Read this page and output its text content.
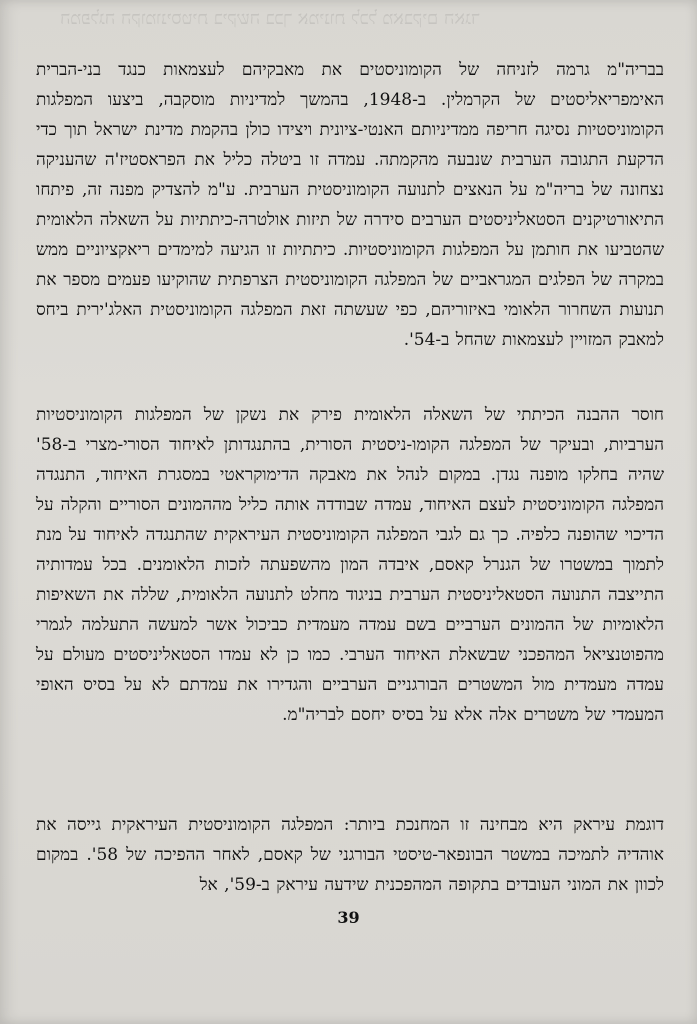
המפלגה הקומוניסטית ביקשה בכך אמינות לכל מאבקים האגד

בבריה"מ גרמה לזניחה של הקומוניסטים את מאבקיהם לעצמאות כנגד בני-הברית האימפריאליסטים של הקרמלין. ב-1948, בהמשך למדיניות מוסקבה, ביצעו המפלגות הקומוניסטיות נסיגה חריפה ממדיניותם האנטי-ציונית ויצידו כולן בהקמת מדינת ישראל תוך כדי הדקעת התגובה הערבית שנבעה מהקמתה. עמדה זו ביטלה כליל את הפראסטיז'ה שהעניקה נצחונה של בריה"מ על הנאצים לתנועה הקומוניסטית הערבית. ע"מ להצדיק מפנה זה, פיתחו התיאורטיקנים הסטאליניסטים הערבים סידרה של תיזות אולטרה-כיתתיות על השאלה הלאומית שהטביעו את חותמן על המפלגות הקומוניסטיות. כיתתיות זו הגיעה למימדים ריאקציוניים ממש במקרה של הפלגים המגראביים של המפלגה הקומוניסטית הצרפתית שהוקיעו פעמים מספר את תנועות השחרור הלאומי באיזוריהם, כפי שעשתה זאת המפלגה הקומוניסטית האלג'ירית ביחס למאבק המזויין לעצמאות שהחל ב-54'.

חוסר ההבנה הכיתתי של השאלה הלאומית פירק את נשקן של המפלגות הקומוניסטיות הערביות, ובעיקר של המפלגה הקומו-ניסטית הסורית, בהתנגדותן לאיחוד הסורי-מצרי ב-58' שהיה בחלקו מופנה נגדן. במקום לנהל את מאבקה הדימוקראטי במסגרת האיחוד, התנגדה המפלגה הקומוניסטית לעצם האיחוד, עמדה שבודדה אותה כליל מההמונים הסוריים והקלה על הדיכוי שהופנה כלפיה. כך גם לגבי המפלגה הקומוניסטית העיראקית שהתנגדה לאיחוד על מנת לתמוך במשטרו של הגנרל קאסם, איבדה המון מהשפעתה לזכות הלאומנים. בכל עמדותיה התייצבה התנועה הסטאליניסטית הערבית בניגוד מחלט לתנועה הלאומית, שללה את השאיפות הלאומיות של ההמונים הערביים בשם עמדה מעמדית כביכול אשר למעשה התעלמה לגמרי מהפוטנציאל המהפכני שבשאלת האיחוד הערבי. כמו כן לא עמדו הסטאליניסטים מעולם על עמדה מעמדית מול המשטרים הבורגניים הערביים והגדירו את עמדתם לא על בסיס האופי המעמדי של משטרים אלה אלא על בסיס יחסם לבריה"מ.

דוגמת עיראק היא מבחינה זו המחנכת ביותר: המפלגה הקומוניסטית העיראקית גייסה את אוהדיה לתמיכה במשטר הבונפאר-טיסטי הבורגני של קאסם, לאחר ההפיכה של 58'. במקום לכוון את המוני העובדים בתקופה המהפכנית שידעה עיראק ב-59', אל

39
